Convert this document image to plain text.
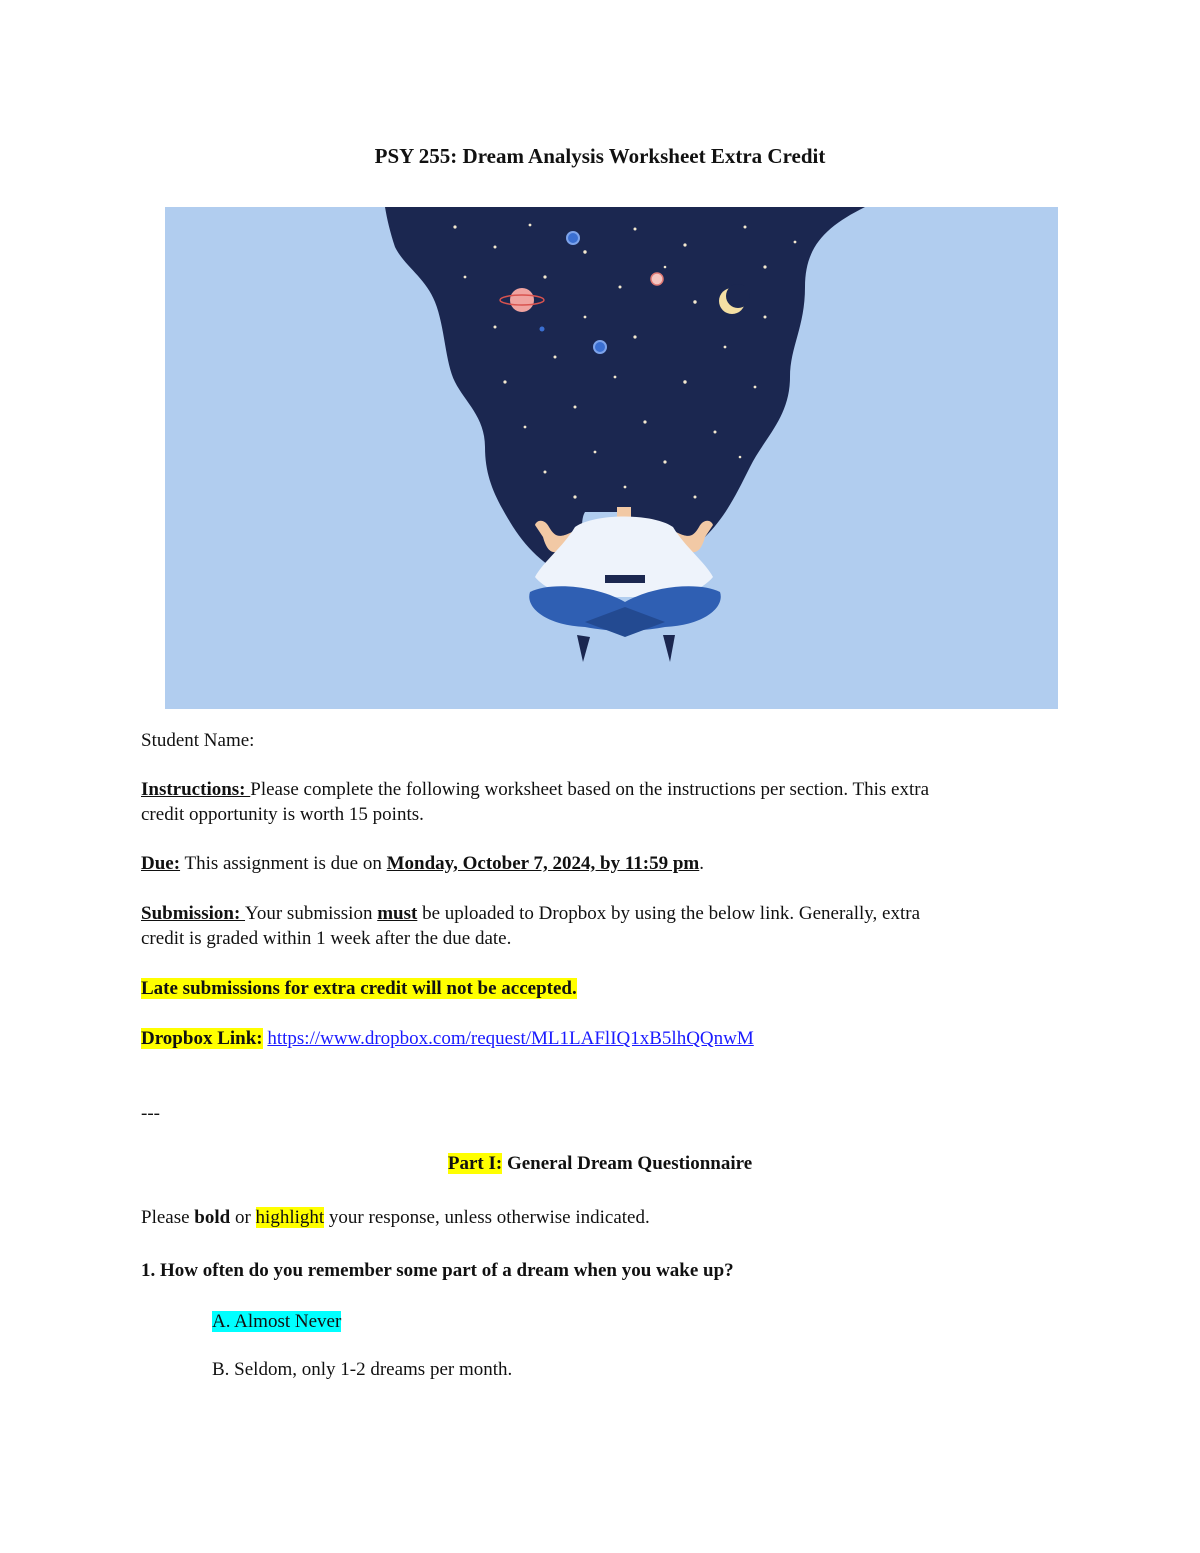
PSY 255: Dream Analysis Worksheet Extra Credit
Student Name:
Instructions: Please complete the following worksheet based on the instructions per section. This extra
credit opportunity is worth 15 points.
Due: This assignment is due on Monday, October 7, 2024, by 11:59 pm.
Submission: Your submission must be uploaded to Dropbox by using the below link. Generally, extra
credit is graded within 1 week after the due date.
Late submissions for extra credit will not be accepted.
Dropbox Link: https://www.dropbox.com/request/ML1LAFlIQ1xB5lhQQnwM
---
Part I: General Dream Questionnaire
Please bold or highlight your response, unless otherwise indicated.
1. How often do you remember some part of a dream when you wake up?
A. Almost Never
B. Seldom, only 1-2 dreams per month.
